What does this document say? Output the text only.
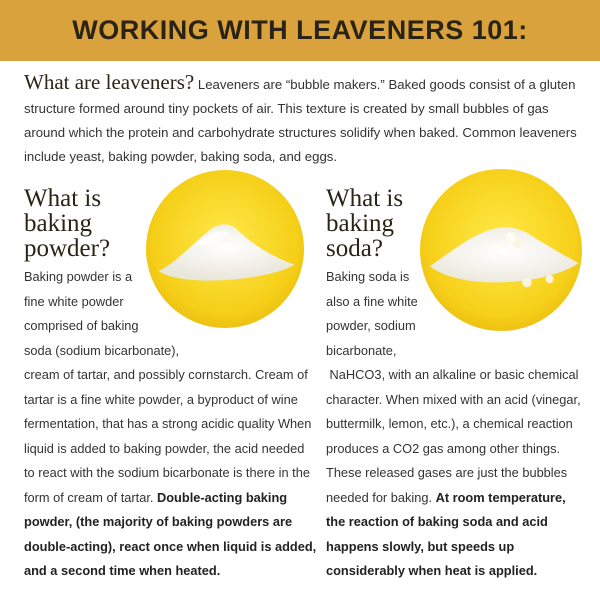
WORKING WITH LEAVENERS 101:
What are leaveners? Leaveners are “bubble makers.” Baked goods consist of a gluten structure formed around tiny pockets of air. This texture is created by small bubbles of gas around which the protein and carbohydrate structures solidify when baked. Common leaveners include yeast, baking powder, baking soda, and eggs.
What is
baking
powder?
Baking powder is a
fine white powder
comprised of baking
soda (sodium bicarbonate),
cream of tartar, and possibly cornstarch. Cream of
tartar is a fine white powder, a byproduct of wine
fermentation, that has a strong acidic quality When
liquid is added to baking powder, the acid needed
to react with the sodium bicarbonate is there in the
form of cream of tartar. Double-acting baking
powder, (the majority of baking powders are
double-acting), react once when liquid is added,
and a second time when heated.
What is
baking
soda?
Baking soda is
also a fine white
powder, sodium
bicarbonate,
NaHCO3, with an alkaline or basic chemical
character. When mixed with an acid (vinegar,
buttermilk, lemon, etc.), a chemical reaction
produces a CO2 gas among other things.
These released gases are just the bubbles
needed for baking. At room temperature,
the reaction of baking soda and acid
happens slowly, but speeds up
considerably when heat is applied.
